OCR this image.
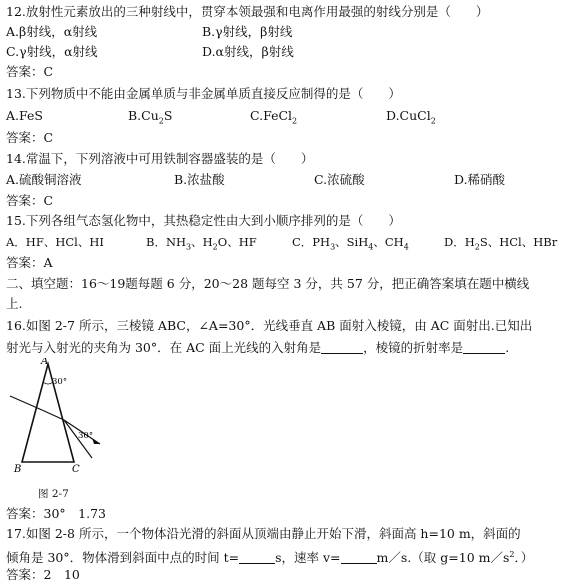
12.放射性元素放出的三种射线中，贯穿本领最强和电离作用最强的射线分别是（　　）
A.β射线，α射线	B.γ射线，β射线
C.γ射线，α射线	D.α射线，β射线
答案：C
13.下列物质中不能由金属单质与非金属单质直接反应制得的是（　　）
A.FeS	$B.Cu_2S$	C.FeCl$_2$	D.CuCl$_2$
答案：C
14.常温下，下列溶液中可用铁制容器盛装的是（　　）
A.硫酸铜溶液	B.浓盐酸	C.浓硫酸	D.稀硝酸
答案：C
15.下列各组气态氢化物中，其热稳定性由大到小顺序排列的是（　　）
A．HF、HCl、HI	B．$NH_3$、$H_2O$、HF	C．$PH_3$、SiH$_4$、$CH_4$	D．$H_2S$、HCl、HBr
答案：A
二、填空题：16～19题每题 6 分，20～28 题每空 3 分，共 57 分，把正确答案填在题中横线
上.
16.如图 2-7 所示，三棱镜 ABC，∠A=30°．光线垂直 AB 面射入棱镜，由 AC 面射出.已知出
射光与入射光的夹角为 30°．在 AC 面上光线的入射角是	，棱镜的折射率是	.
A
30°
30°
B	C
图 2-7
答案：30°　1.73
17.如图 2-8 所示，一个物体沿光滑的斜面从顶端由静止开始下滑，斜面高 h=10 m，斜面的
倾角是 30°．物体滑到斜面中点的时间 t=	s，速率 v=	m／s.（取 g=10 $m/s^2$．）
答案：2　10
